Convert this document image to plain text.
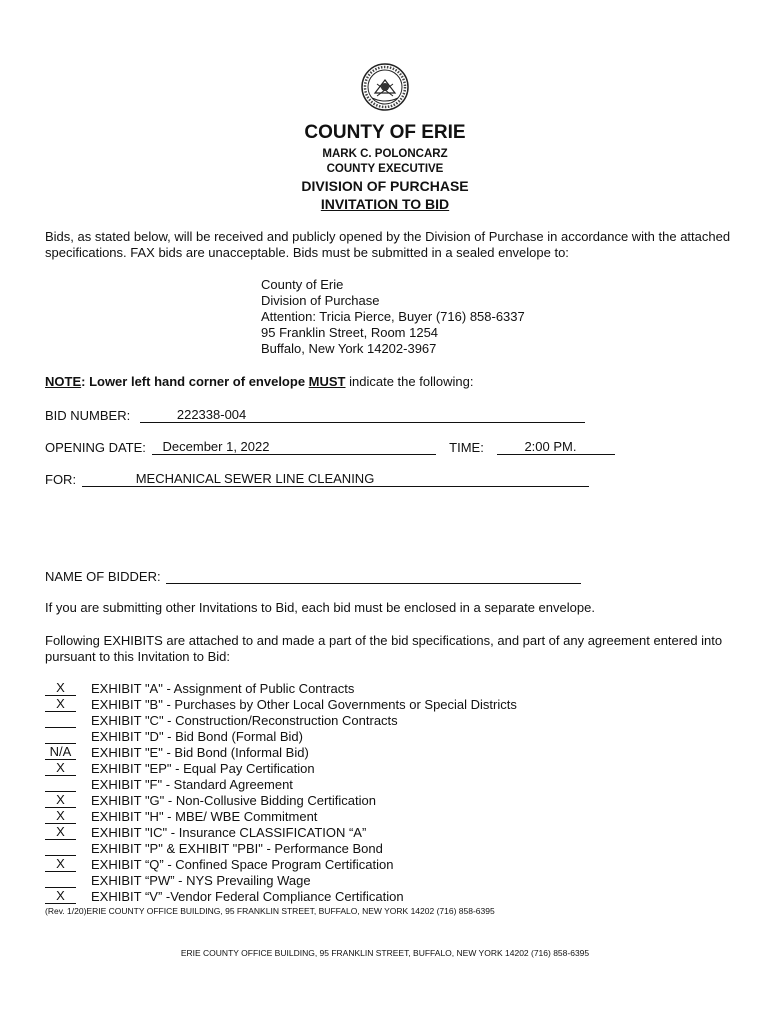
COUNTY OF ERIE
MARK C. POLONCARZ
COUNTY EXECUTIVE
DIVISION OF PURCHASE
INVITATION TO BID
Bids, as stated below, will be received and publicly opened by the Division of Purchase in accordance with the attached specifications. FAX bids are unacceptable. Bids must be submitted in a sealed envelope to:
County of Erie
Division of Purchase
Attention: Tricia Pierce, Buyer (716) 858-6337
95 Franklin Street, Room 1254
Buffalo, New York 14202-3967
NOTE: Lower left hand corner of envelope MUST indicate the following:
BID NUMBER:	222338-004
OPENING DATE: December 1, 2022	TIME:	2:00 PM.
FOR:	MECHANICAL SEWER LINE CLEANING
NAME OF BIDDER:
If you are submitting other Invitations to Bid, each bid must be enclosed in a separate envelope.
Following EXHIBITS are attached to and made a part of the bid specifications, and part of any agreement entered into pursuant to this Invitation to Bid:
X	EXHIBIT "A" - Assignment of Public Contracts
X	EXHIBIT "B" - Purchases by Other Local Governments or Special Districts
EXHIBIT "C" - Construction/Reconstruction Contracts
EXHIBIT "D" - Bid Bond (Formal Bid)
N/A	EXHIBIT "E" - Bid Bond (Informal Bid)
X	EXHIBIT "EP" - Equal Pay Certification
EXHIBIT "F" - Standard Agreement
X	EXHIBIT "G" - Non-Collusive Bidding Certification
X	EXHIBIT "H" - MBE/ WBE Commitment
X	EXHIBIT "IC" - Insurance CLASSIFICATION “A”
EXHIBIT "P" & EXHIBIT "PBI" - Performance Bond
X	EXHIBIT “Q” - Confined Space Program Certification
EXHIBIT “PW” - NYS Prevailing Wage
X	EXHIBIT “V” -Vendor Federal Compliance Certification
(Rev. 1/20)ERIE COUNTY OFFICE BUILDING, 95 FRANKLIN STREET, BUFFALO, NEW YORK 14202 (716) 858-6395
ERIE COUNTY OFFICE BUILDING, 95 FRANKLIN STREET, BUFFALO, NEW YORK 14202 (716) 858-6395
